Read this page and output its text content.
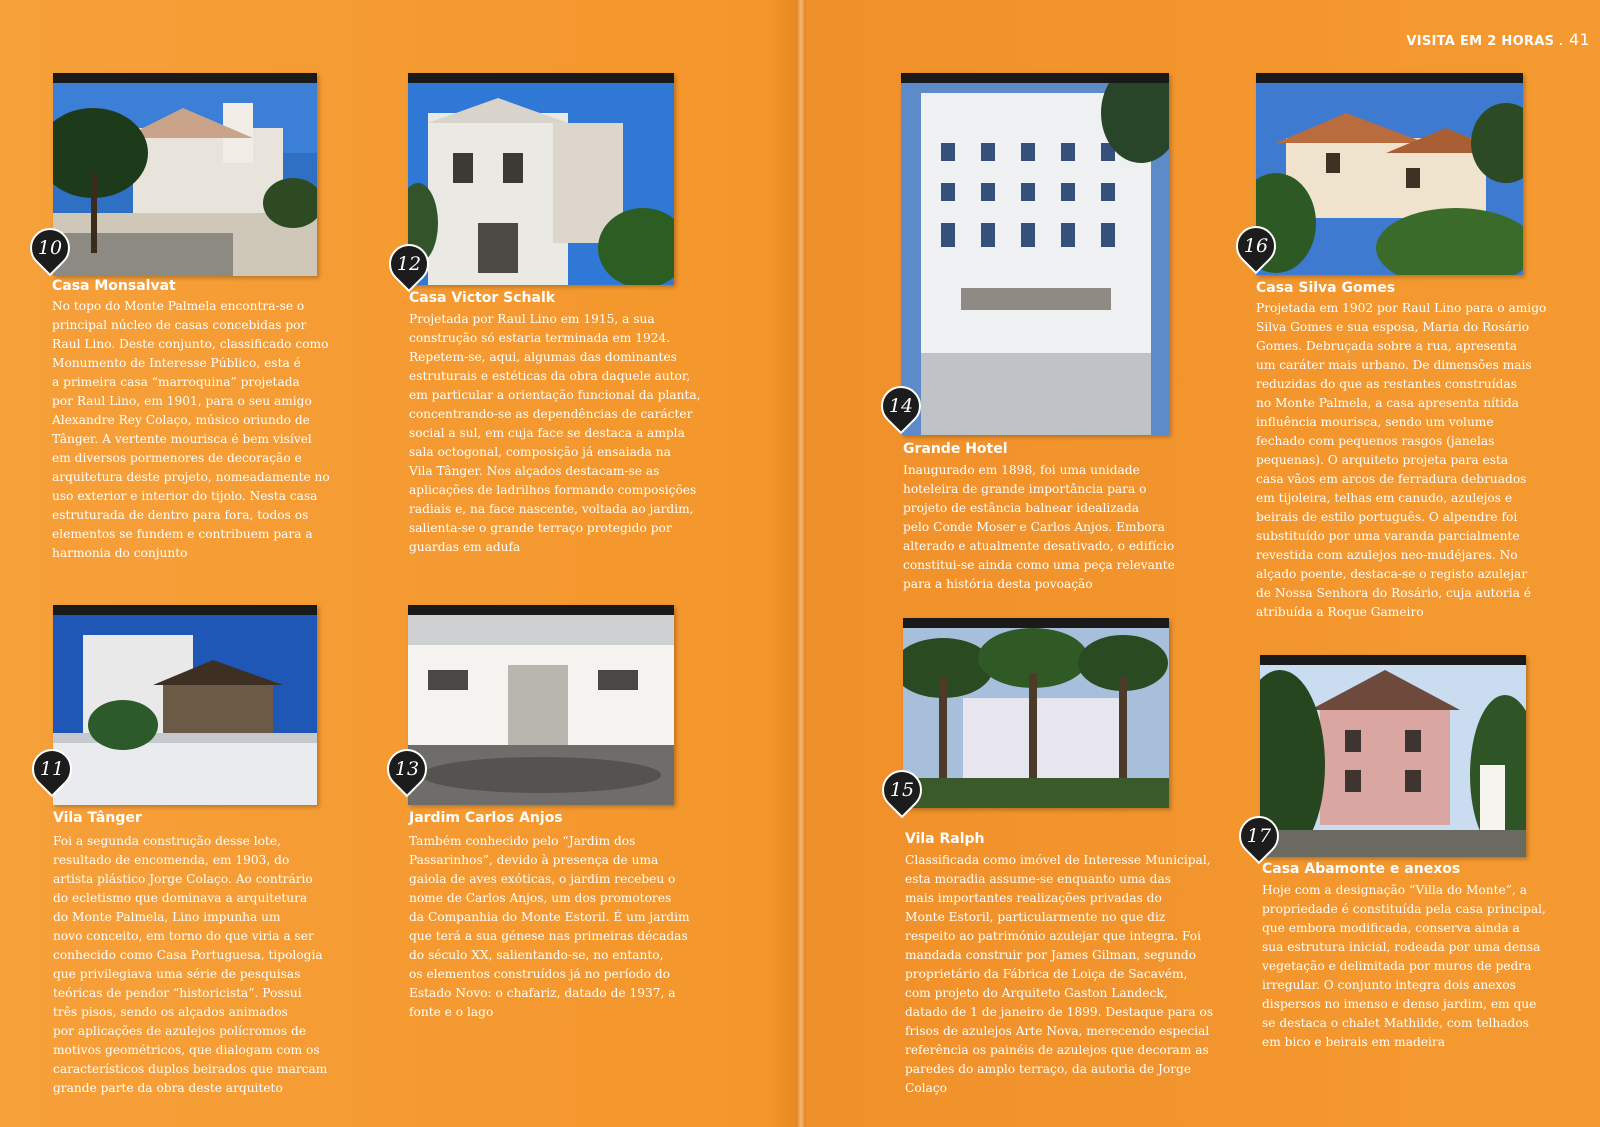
VISITA EM 2 HORAS . 41
10
Casa Monsalvat
No topo do Monte Palmela encontra-se o
principal núcleo de casas concebidas por
Raul Lino. Deste conjunto, classificado como
Monumento de Interesse Público, esta é
a primeira casa “marroquina” projetada
por Raul Lino, em 1901, para o seu amigo
Alexandre Rey Colaço, músico oriundo de
Tânger. A vertente mourisca é bem visível
em diversos pormenores de decoração e
arquitetura deste projeto, nomeadamente no
uso exterior e interior do tijolo. Nesta casa
estruturada de dentro para fora, todos os
elementos se fundem e contribuem para a
harmonia do conjunto
11
Vila Tânger
Foi a segunda construção desse lote,
resultado de encomenda, em 1903, do
artista plástico Jorge Colaço. Ao contrário
do ecletismo que dominava a arquitetura
do Monte Palmela, Lino impunha um
novo conceito, em torno do que viria a ser
conhecido como Casa Portuguesa, tipologia
que privilegiava uma série de pesquisas
teóricas de pendor “historicista”. Possui
três pisos, sendo os alçados animados
por aplicações de azulejos polícromos de
motivos geométricos, que dialogam com os
característicos duplos beirados que marcam
grande parte da obra deste arquiteto
12
Casa Victor Schalk
Projetada por Raul Lino em 1915, a sua
construção só estaria terminada em 1924.
Repetem-se, aqui, algumas das dominantes
estruturais e estéticas da obra daquele autor,
em particular a orientação funcional da planta,
concentrando-se as dependências de carácter
social a sul, em cuja face se destaca a ampla
sala octogonal, composição já ensaiada na
Vila Tânger. Nos alçados destacam-se as
aplicações de ladrilhos formando composições
radiais e, na face nascente, voltada ao jardim,
salienta-se o grande terraço protegido por
guardas em adufa
13
Jardim Carlos Anjos
Também conhecido pelo “Jardim dos
Passarinhos”, devido à presença de uma
gaiola de aves exóticas, o jardim recebeu o
nome de Carlos Anjos, um dos promotores
da Companhia do Monte Estoril. É um jardim
que terá a sua génese nas primeiras décadas
do século XX, salientando-se, no entanto,
os elementos construídos já no período do
Estado Novo: o chafariz, datado de 1937, a
fonte e o lago
14
Grande Hotel
Inaugurado em 1898, foi uma unidade
hoteleira de grande importância para o
projeto de estância balnear idealizada
pelo Conde Moser e Carlos Anjos. Embora
alterado e atualmente desativado, o edifício
constitui-se ainda como uma peça relevante
para a história desta povoação
15
Vila Ralph
Classificada como imóvel de Interesse Municipal,
esta moradia assume-se enquanto uma das
mais importantes realizações privadas do
Monte Estoril, particularmente no que diz
respeito ao património azulejar que integra. Foi
mandada construir por James Gilman, segundo
proprietário da Fábrica de Loiça de Sacavém,
com projeto do Arquiteto Gaston Landeck,
datado de 1 de janeiro de 1899. Destaque para os
frisos de azulejos Arte Nova, merecendo especial
referência os painéis de azulejos que decoram as
paredes do amplo terraço, da autoria de Jorge
Colaço
16
Casa Silva Gomes
Projetada em 1902 por Raul Lino para o amigo
Silva Gomes e sua esposa, Maria do Rosário
Gomes. Debruçada sobre a rua, apresenta
um caráter mais urbano. De dimensões mais
reduzidas do que as restantes construídas
no Monte Palmela, a casa apresenta nítida
influência mourisca, sendo um volume
fechado com pequenos rasgos (janelas
pequenas). O arquiteto projeta para esta
casa vãos em arcos de ferradura debruados
em tijoleira, telhas em canudo, azulejos e
beirais de estilo português. O alpendre foi
substituído por uma varanda parcialmente
revestida com azulejos neo-mudéjares. No
alçado poente, destaca-se o registo azulejar
de Nossa Senhora do Rosário, cuja autoria é
atribuída a Roque Gameiro
17
Casa Abamonte e anexos
Hoje com a designação “Villa do Monte”, a
propriedade é constituída pela casa principal,
que embora modificada, conserva ainda a
sua estrutura inicial, rodeada por uma densa
vegetação e delimitada por muros de pedra
irregular. O conjunto integra dois anexos
dispersos no imenso e denso jardim, em que
se destaca o chalet Mathilde, com telhados
em bico e beirais em madeira
